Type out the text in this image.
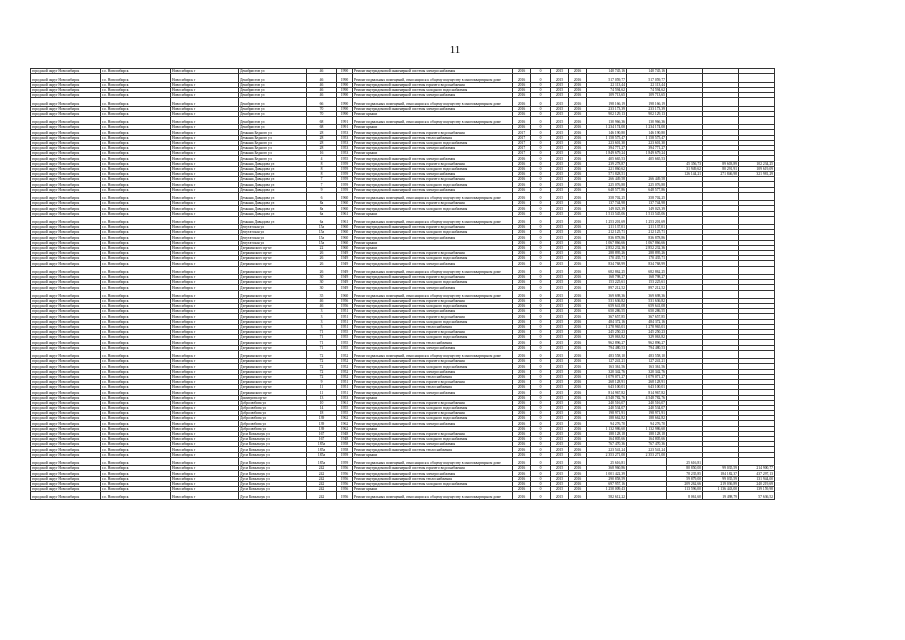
11
городской округ Новосибирск	г.о. Новосибирск	Новосибирск г	Декабристов ул	46	1990	Ремонт внутридомовой инженерной системы электроснабжения	2016	0	2015	2016	140 745,16	140 745,16			
городской округ Новосибирск	г.о. Новосибирск	Новосибирск г	Декабристов ул	46	1990	Ремонт подвальных помещений, относящихся к общему имуществу в многоквартирном доме	2016	0	2015	2016	517 059,77	517 059,77			
городской округ Новосибирск	г.о. Новосибирск	Новосибирск г	Декабристов ул	46	1990	Ремонт внутридомовой инженерной системы горячего водоснабжения	2016	0	2015	2016	22 113,44	22 113,44			
городской округ Новосибирск	г.о. Новосибирск	Новосибирск г	Декабристов ул	46	1990	Ремонт внутридомовой инженерной системы холодного водоснабжения	2016	0	2015	2016	74 594,62	74 594,62			
городской округ Новосибирск	г.о. Новосибирск	Новосибирск г	Декабристов ул	46	1990	Ремонт внутридомовой инженерной системы электроснабжения	2016	0	2015	2016	109 713,65	109 713,65			
городской округ Новосибирск	г.о. Новосибирск	Новосибирск г	Декабристов ул	66	1990	Ремонт подвальных помещений, относящихся к общему имуществу в многоквартирном доме	2016	0	2015	2016	198 166,19	198 166,19			
городской округ Новосибирск	г.о. Новосибирск	Новосибирск г	Декабристов ул	70	1990	Ремонт внутридомовой инженерной системы электроснабжения	2016	0	2015	2016	233 173,39	233 173,39			
городской округ Новосибирск	г.о. Новосибирск	Новосибирск г	Декабристов ул	70	1990	Ремонт крыши	2016	0	2015	2016	902 129,13	902 129,13			
городской округ Новосибирск	г.о. Новосибирск	Новосибирск г	Декабристов ул	68	1991	Ремонт подвальных помещений, относящихся к общему имуществу в многоквартирном доме	2016	0	2015	2016	130 966,36	130 966,36			
городской округ Новосибирск	г.о. Новосибирск	Новосибирск г	Декабристов ул	68	1991	Ремонт крыши	2016	0	2015	2016	1 234 174,00	1 234 174,00			
городской округ Новосибирск	г.о. Новосибирск	Новосибирск г	Демьяна Бедного ул	28	1953	Ремонт внутридомовой инженерной системы горячего водоснабжения	2017	0	2015	2016	146 190,80	146 190,80			
городской округ Новосибирск	г.о. Новосибирск	Новосибирск г	Демьяна Бедного ул	28	1953	Ремонт внутридомовой инженерной системы теплоснабжения	2017	0	2015	2016	1 158 575,47	1 158 575,47			
городской округ Новосибирск	г.о. Новосибирск	Новосибирск г	Демьяна Бедного ул	28	1953	Ремонт внутридомовой инженерной системы холодного водоснабжения	2017	0	2015	2016	223 601,30	223 601,30			
городской округ Новосибирск	г.о. Новосибирск	Новосибирск г	Демьяна Бедного ул	28	1953	Ремонт внутридомовой инженерной системы электроснабжения	2017	0	2015	2016	394 771,27	394 771,27			
городской округ Новосибирск	г.о. Новосибирск	Новосибирск г	Демьяна Бедного ул	16	1953	Ремонт крыши	2017	0	2015	2016	1 849 679,24	1 849 679,24			
городской округ Новосибирск	г.о. Новосибирск	Новосибирск г	Демьяна Бедного ул	4	1955	Ремонт внутридомовой инженерной системы электроснабжения	2016	0	2015	2016	405 665,53	405 665,53			
городской округ Новосибирск	г.о. Новосибирск	Новосибирск г	Демьяна Давыдова ул	8	1959	Ремонт внутридомовой инженерной системы горячего водоснабжения	2016	0	2015	2016	239 278,87		45 356,73	89 603,89	102 234,25
городской округ Новосибирск	г.о. Новосибирск	Новосибирск г	Демьяна Давыдова ул	8	1959	Ремонт внутридомовой инженерной системы холодного водоснабжения	2016	0	2015	2016	221 860,62		31 949,62	80 291,91	109 619,09
городской округ Новосибирск	г.о. Новосибирск	Новосибирск г	Демьяна Давыдова ул	8	1959	Ремонт внутридомовой инженерной системы электроснабжения	2016	0	2015	2016	571 828,51		126 144,21	271 846,98	321 981,29
городской округ Новосибирск	г.о. Новосибирск	Новосибирск г	Демьяна Давыдова ул	7	1959	Ремонт внутридомовой инженерной системы горячего водоснабжения	2016	0	2015	2016	266 449,58	266 449,58			
городской округ Новосибирск	г.о. Новосибирск	Новосибирск г	Демьяна Давыдова ул	7	1959	Ремонт внутридомовой инженерной системы холодного водоснабжения	2016	0	2015	2016	225 076,88	225 076,88			
городской округ Новосибирск	г.о. Новосибирск	Новосибирск г	Демьяна Давыдова ул	9	1959	Ремонт внутридомовой инженерной системы электроснабжения	2016	0	2015	2016	648 577,86	648 577,86			
городской округ Новосибирск	г.о. Новосибирск	Новосибирск г	Демьяна Давыдова ул	6	1960	Ремонт подвальных помещений, относящихся к общему имуществу в многоквартирном доме	2016	0	2015	2016	358 702,25	358 702,25			
городской округ Новосибирск	г.о. Новосибирск	Новосибирск г	Демьяна Давыдова ул	8a	1960	Ремонт внутридомовой инженерной системы горячего водоснабжения	2016	0	2015	2016	137 744,98	137 744,98			
городской округ Новосибирск	г.о. Новосибирск	Новосибирск г	Демьяна Давыдова ул	8a	1960	Ремонт внутридомовой инженерной системы холодного водоснабжения	2016	0	2015	2016	149 023,39	149 023,39			
городской округ Новосибирск	г.о. Новосибирск	Новосибирск г	Демьяна Давыдова ул	6a	1961	Ремонт крыши	2016	0	2015	2016	1 513 545,06	1 513 545,06			
городской округ Новосибирск	г.о. Новосибирск	Новосибирск г	Демьяна Давыдова ул	6a	1961	Ремонт подвальных помещений, относящихся к общему имуществу в многоквартирном доме	2016	0	2015	2016	1 253 201,69	1 253 201,69			
городской округ Новосибирск	г.о. Новосибирск	Новосибирск г	Депутатская ул	15a	1960	Ремонт внутридомовой инженерной системы горячего водоснабжения	2016	0	2015	2016	211 137,01	211 137,01			
городской округ Новосибирск	г.о. Новосибирск	Новосибирск г	Депутатская ул	15a	1960	Ремонт внутридомовой инженерной системы холодного водоснабжения	2016	0	2015	2016	212 125,71	212 125,71			
городской округ Новосибирск	г.о. Новосибирск	Новосибирск г	Депутатская ул	15a	1960	Ремонт внутридомовой инженерной системы электроснабжения	2016	0	2015	2016	836 878,86	836 878,86			
городской округ Новосибирск	г.о. Новосибирск	Новосибирск г	Депутатская ул	15a	1960	Ремонт крыши	2016	0	2015	2016	1 067 866,66	1 067 866,66			
городской округ Новосибирск	г.о. Новосибирск	Новосибирск г	Дзержинского пр-кт	22	1960	Ремонт крыши	2016	0	2015	2016	2 852 232,36	2 852 232,36			
городской округ Новосибирск	г.о. Новосибирск	Новосибирск г	Дзержинского пр-кт	26	1949	Ремонт внутридомовой инженерной системы горячего водоснабжения	2016	0	2015	2016	288 895,26	288 895,26			
городской округ Новосибирск	г.о. Новосибирск	Новосибирск г	Дзержинского пр-кт	26	1949	Ремонт внутридомовой инженерной системы холодного водоснабжения	2016	0	2015	2016	170 435,71	170 435,71			
городской округ Новосибирск	г.о. Новосибирск	Новосибирск г	Дзержинского пр-кт	26	1949	Ремонт внутридомовой инженерной системы электроснабжения	2016	0	2015	2016	834 768,99	834 768,99			
городской округ Новосибирск	г.о. Новосибирск	Новосибирск г	Дзержинского пр-кт	26	1949	Ремонт подвальных помещений, относящихся к общему имуществу в многоквартирном доме	2016	0	2015	2016	682 862,25	682 862,25			
городской округ Новосибирск	г.о. Новосибирск	Новосибирск г	Дзержинского пр-кт	30	1949	Ремонт внутридомовой инженерной системы горячего водоснабжения	2016	0	2015	2016	168 798,27	168 798,27			
городской округ Новосибирск	г.о. Новосибирск	Новосибирск г	Дзержинского пр-кт	30	1949	Ремонт внутридомовой инженерной системы холодного водоснабжения	2016	0	2015	2016	153 225,61	153 225,61			
городской округ Новосибирск	г.о. Новосибирск	Новосибирск г	Дзержинского пр-кт	30	1949	Ремонт внутридомовой инженерной системы электроснабжения	2016	0	2015	2016	897 212,52	897 212,52			
городской округ Новосибирск	г.о. Новосибирск	Новосибирск г	Дзержинского пр-кт	35	1960	Ремонт подвальных помещений, относящихся к общему имуществу в многоквартирном доме	2016	0	2015	2016	369 698,36	369 698,36			
городской округ Новосибирск	г.о. Новосибирск	Новосибирск г	Дзержинского пр-кт	46	1956	Ремонт внутридомовой инженерной системы горячего водоснабжения	2016	0	2015	2016	531 636,82	531 636,82			
городской округ Новосибирск	г.о. Новосибирск	Новосибирск г	Дзержинского пр-кт	46	1956	Ремонт внутридомовой инженерной системы холодного водоснабжения	2016	0	2015	2016	659 641,08	659 641,08			
городской округ Новосибирск	г.о. Новосибирск	Новосибирск г	Дзержинского пр-кт	3	1951	Ремонт внутридомовой инженерной системы электроснабжения	2016	0	2015	2016	650 286,55	650 286,55			
городской округ Новосибирск	г.о. Новосибирск	Новосибирск г	Дзержинского пр-кт	3	1951	Ремонт внутридомовой инженерной системы горячего водоснабжения	2016	0	2015	2016	367 657,85	367 657,85			
городской округ Новосибирск	г.о. Новосибирск	Новосибирск г	Дзержинского пр-кт	3	1951	Ремонт внутридомовой инженерной системы холодного водоснабжения	2016	0	2015	2016	484 372,16	484 372,16			
городской округ Новосибирск	г.о. Новосибирск	Новосибирск г	Дзержинского пр-кт	3	1951	Ремонт внутридомовой инженерной системы теплоснабжения	2016	0	2015	2016	1 278 965,01	1 278 965,01			
городской округ Новосибирск	г.о. Новосибирск	Новосибирск г	Дзержинского пр-кт	71	1955	Ремонт внутридомовой инженерной системы горячего водоснабжения	2016	0	2015	2016	245 250,23	245 250,23			
городской округ Новосибирск	г.о. Новосибирск	Новосибирск г	Дзержинского пр-кт	71	1955	Ремонт внутридомовой инженерной системы холодного водоснабжения	2016	0	2015	2016	329 063,82	329 063,82			
городской округ Новосибирск	г.о. Новосибирск	Новосибирск г	Дзержинского пр-кт	71	1955	Ремонт внутридомовой инженерной системы теплоснабжения	2016	0	2015	2016	962 896,27	962 896,27			
городской округ Новосибирск	г.о. Новосибирск	Новосибирск г	Дзержинского пр-кт	71	1955	Ремонт внутридомовой инженерной системы электроснабжения	2016	0	2015	2016	794 480,53	794 480,53			
городской округ Новосибирск	г.о. Новосибирск	Новосибирск г	Дзержинского пр-кт	72	1952	Ремонт подвальных помещений, относящихся к общему имуществу в многоквартирном доме	2016	0	2015	2016	483 558,10	483 558,10			
городской округ Новосибирск	г.о. Новосибирск	Новосибирск г	Дзержинского пр-кт	72	1952	Ремонт внутридомовой инженерной системы горячего водоснабжения	2016	0	2015	2016	127 241,21	127 241,21			
городской округ Новосибирск	г.о. Новосибирск	Новосибирск г	Дзержинского пр-кт	72	1952	Ремонт внутридомовой инженерной системы холодного водоснабжения	2016	0	2015	2016	163 361,56	163 361,56			
городской округ Новосибирск	г.о. Новосибирск	Новосибирск г	Дзержинского пр-кт	72	1952	Ремонт внутридомовой инженерной системы электроснабжения	2016	0	2015	2016	320 342,76	320 342,76			
городской округ Новосибирск	г.о. Новосибирск	Новосибирск г	Дзержинского пр-кт	72	1952	Ремонт внутридомовой инженерной системы теплоснабжения	2016	0	2015	2016	1 079 071,27	1 079 071,27			
городской округ Новосибирск	г.о. Новосибирск	Новосибирск г	Дзержинского пр-кт	9	1951	Ремонт внутридомовой инженерной системы горячего водоснабжения	2016	0	2015	2016	268 128,91	268 128,91			
городской округ Новосибирск	г.о. Новосибирск	Новосибирск г	Дзержинского пр-кт	11	1951	Ремонт внутридомовой инженерной системы теплоснабжения	2016	0	2015	2016	643 100,01	643 100,01			
городской округ Новосибирск	г.о. Новосибирск	Новосибирск г	Дзержинского пр-кт	11	1951	Ремонт внутридомовой инженерной системы электроснабжения	2016	0	2015	2016	814 967,82	814 967,82			
городской округ Новосибирск	г.о. Новосибирск	Новосибирск г	Димитрова пр-кт	13	1953	Ремонт крыши	2016	0	2015	2016	4 548 782,76	4 548 782,76			
городской округ Новосибирск	г.о. Новосибирск	Новосибирск г	Добролюбова ул	10	1961	Ремонт внутридомовой инженерной системы горячего водоснабжения	2016	0	2015	2016	240 516,07	240 516,07			
городской округ Новосибирск	г.о. Новосибирск	Новосибирск г	Добролюбова ул	14	1955	Ремонт внутридомовой инженерной системы холодного водоснабжения	2016	0	2015	2016	240 534,07	240 534,07			
городской округ Новосибирск	г.о. Новосибирск	Новосибирск г	Добролюбова ул	18	1955	Ремонт внутридомовой инженерной системы горячего водоснабжения	2016	0	2015	2016	198 971,91	198 971,91			
городской округ Новосибирск	г.о. Новосибирск	Новосибирск г	Добролюбова ул	139	1962	Ремонт внутридомовой инженерной системы холодного водоснабжения	2016	0	2015	2016	188 662,82	188 662,82			
городской округ Новосибирск	г.о. Новосибирск	Новосибирск г	Добролюбова ул	139	1962	Ремонт внутридомовой инженерной системы электроснабжения	2016	0	2015	2016	94 276,70	94 276,70			
городской округ Новосибирск	г.о. Новосибирск	Новосибирск г	Добролюбова ул	139	1962	Ремонт крыши	2016	0	2015	2016	1 132 986,60	1 132 986,60			
городской округ Новосибирск	г.о. Новосибирск	Новосибирск г	Дуси Ковальчук ул	167	1948	Ремонт внутридомовой инженерной системы горячего водоснабжения	2016	0	2015	2016	188 128,18	188 128,18			
городской округ Новосибирск	г.о. Новосибирск	Новосибирск г	Дуси Ковальчук ул	167	1948	Ремонт внутридомовой инженерной системы холодного водоснабжения	2016	0	2015	2016	164 805,66	164 805,66			
городской округ Новосибирск	г.о. Новосибирск	Новосибирск г	Дуси Ковальчук ул	185a	1958	Ремонт внутридомовой инженерной системы электроснабжения	2016	0	2015	2016	767 470,36	767 470,36			
городской округ Новосибирск	г.о. Новосибирск	Новосибирск г	Дуси Ковальчук ул	185a	1958	Ремонт внутридомовой инженерной системы теплоснабжения	2016	0	2015	2016	223 541,24	223 541,24			
городской округ Новосибирск	г.о. Новосибирск	Новосибирск г	Дуси Ковальчук ул	185a	1959	Ремонт крыши	2016	0	2015	2016	2 353 271,00	2 353 271,00			
городской округ Новосибирск	г.о. Новосибирск	Новосибирск г	Дуси Ковальчук ул	185a	1959	Ремонт подвальных помещений, относящихся к общему имуществу в многоквартирном доме	2016	0	2015	2016	25 616,81		25 616,81		
городской округ Новосибирск	г.о. Новосибирск	Новосибирск г	Дуси Ковальчук ул	242	1956	Ремонт внутридомовой инженерной системы горячего водоснабжения	2016	0	2015	2016	368 960,86		80 850,00	99 035,59	214 900,77
городской округ Новосибирск	г.о. Новосибирск	Новосибирск г	Дуси Ковальчук ул	242	1956	Ремонт внутридомовой инженерной системы электроснабжения	2016	0	2015	2016	1 001 422,39		78 235,85	184 182,37	437 297,13
городской округ Новосибирск	г.о. Новосибирск	Новосибирск г	Дуси Ковальчук ул	242	1956	Ремонт внутридомовой инженерной системы теплоснабжения	2016	0	2015	2016	290 858,59		59 879,00	99 035,59	131 944,00
городской округ Новосибирск	г.о. Новосибирск	Новосибирск г	Дуси Ковальчук ул	242	1956	Ремонт внутридомовой инженерной системы холодного водоснабжения	2016	0	2015	2016	697 957,16		209 262,66	219 036,89	240 219,69
городской округ Новосибирск	г.о. Новосибирск	Новосибирск г	Дуси Ковальчук ул	242	1956	Ремонт крыши	2016	0	2015	2016	1 250 009,43		113 596,00	1 136 443,00	139 159,98
городской округ Новосибирск	г.о. Новосибирск	Новосибирск г	Дуси Ковальчук ул	242	1956	Ремонт подвальных помещений, относящихся к общему имуществу в многоквартирном доме	2016	0	2015	2016	582 612,22		8 061,60	19 498,79	57 636,52
